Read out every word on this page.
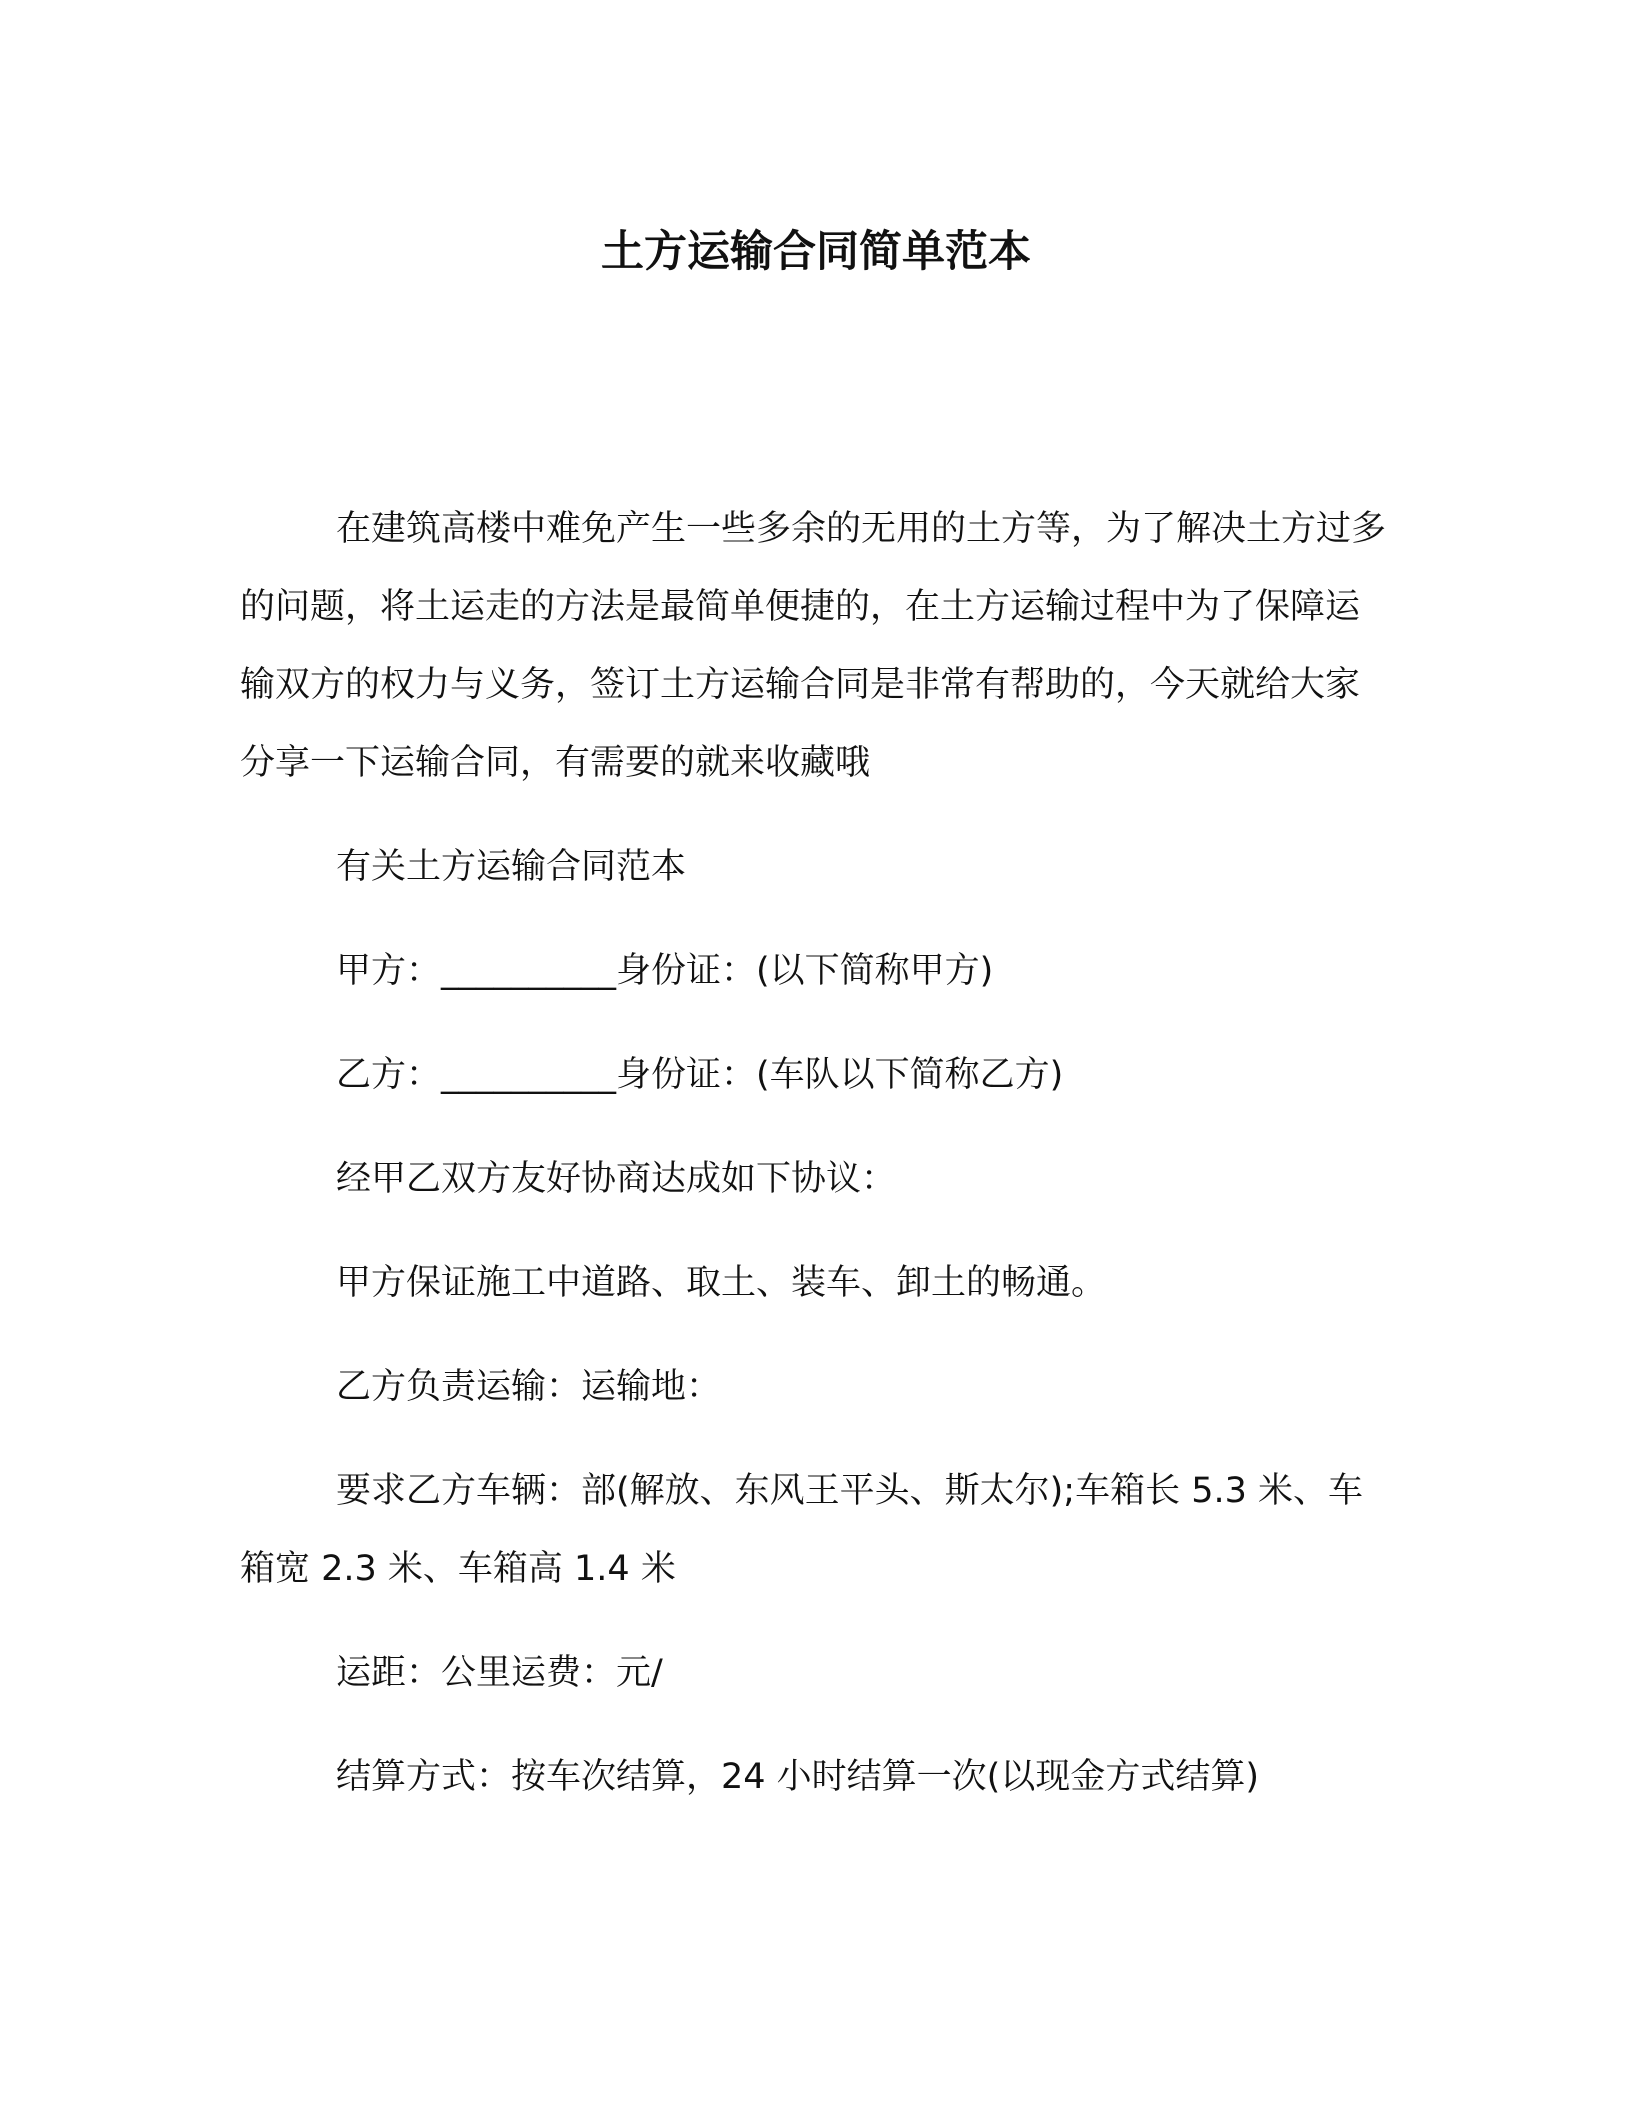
土方运输合同简单范本

在建筑高楼中难免产生一些多余的无用的土方等，为了解决土方过多的问题，将土运走的方法是最简单便捷的，在土方运输过程中为了保障运输双方的权力与义务，签订土方运输合同是非常有帮助的，今天就给大家分享一下运输合同，有需要的就来收藏哦

有关土方运输合同范本

甲方：__________身份证：(以下简称甲方)

乙方：__________身份证：(车队以下简称乙方)

经甲乙双方友好协商达成如下协议：

甲方保证施工中道路、取土、装车、卸土的畅通。

乙方负责运输：运输地：

要求乙方车辆：部(解放、东风王平头、斯太尔);车箱长 5.3 米、车箱宽 2.3 米、车箱高 1.4 米

运距：公里运费：元/

结算方式：按车次结算，24 小时结算一次(以现金方式结算)
